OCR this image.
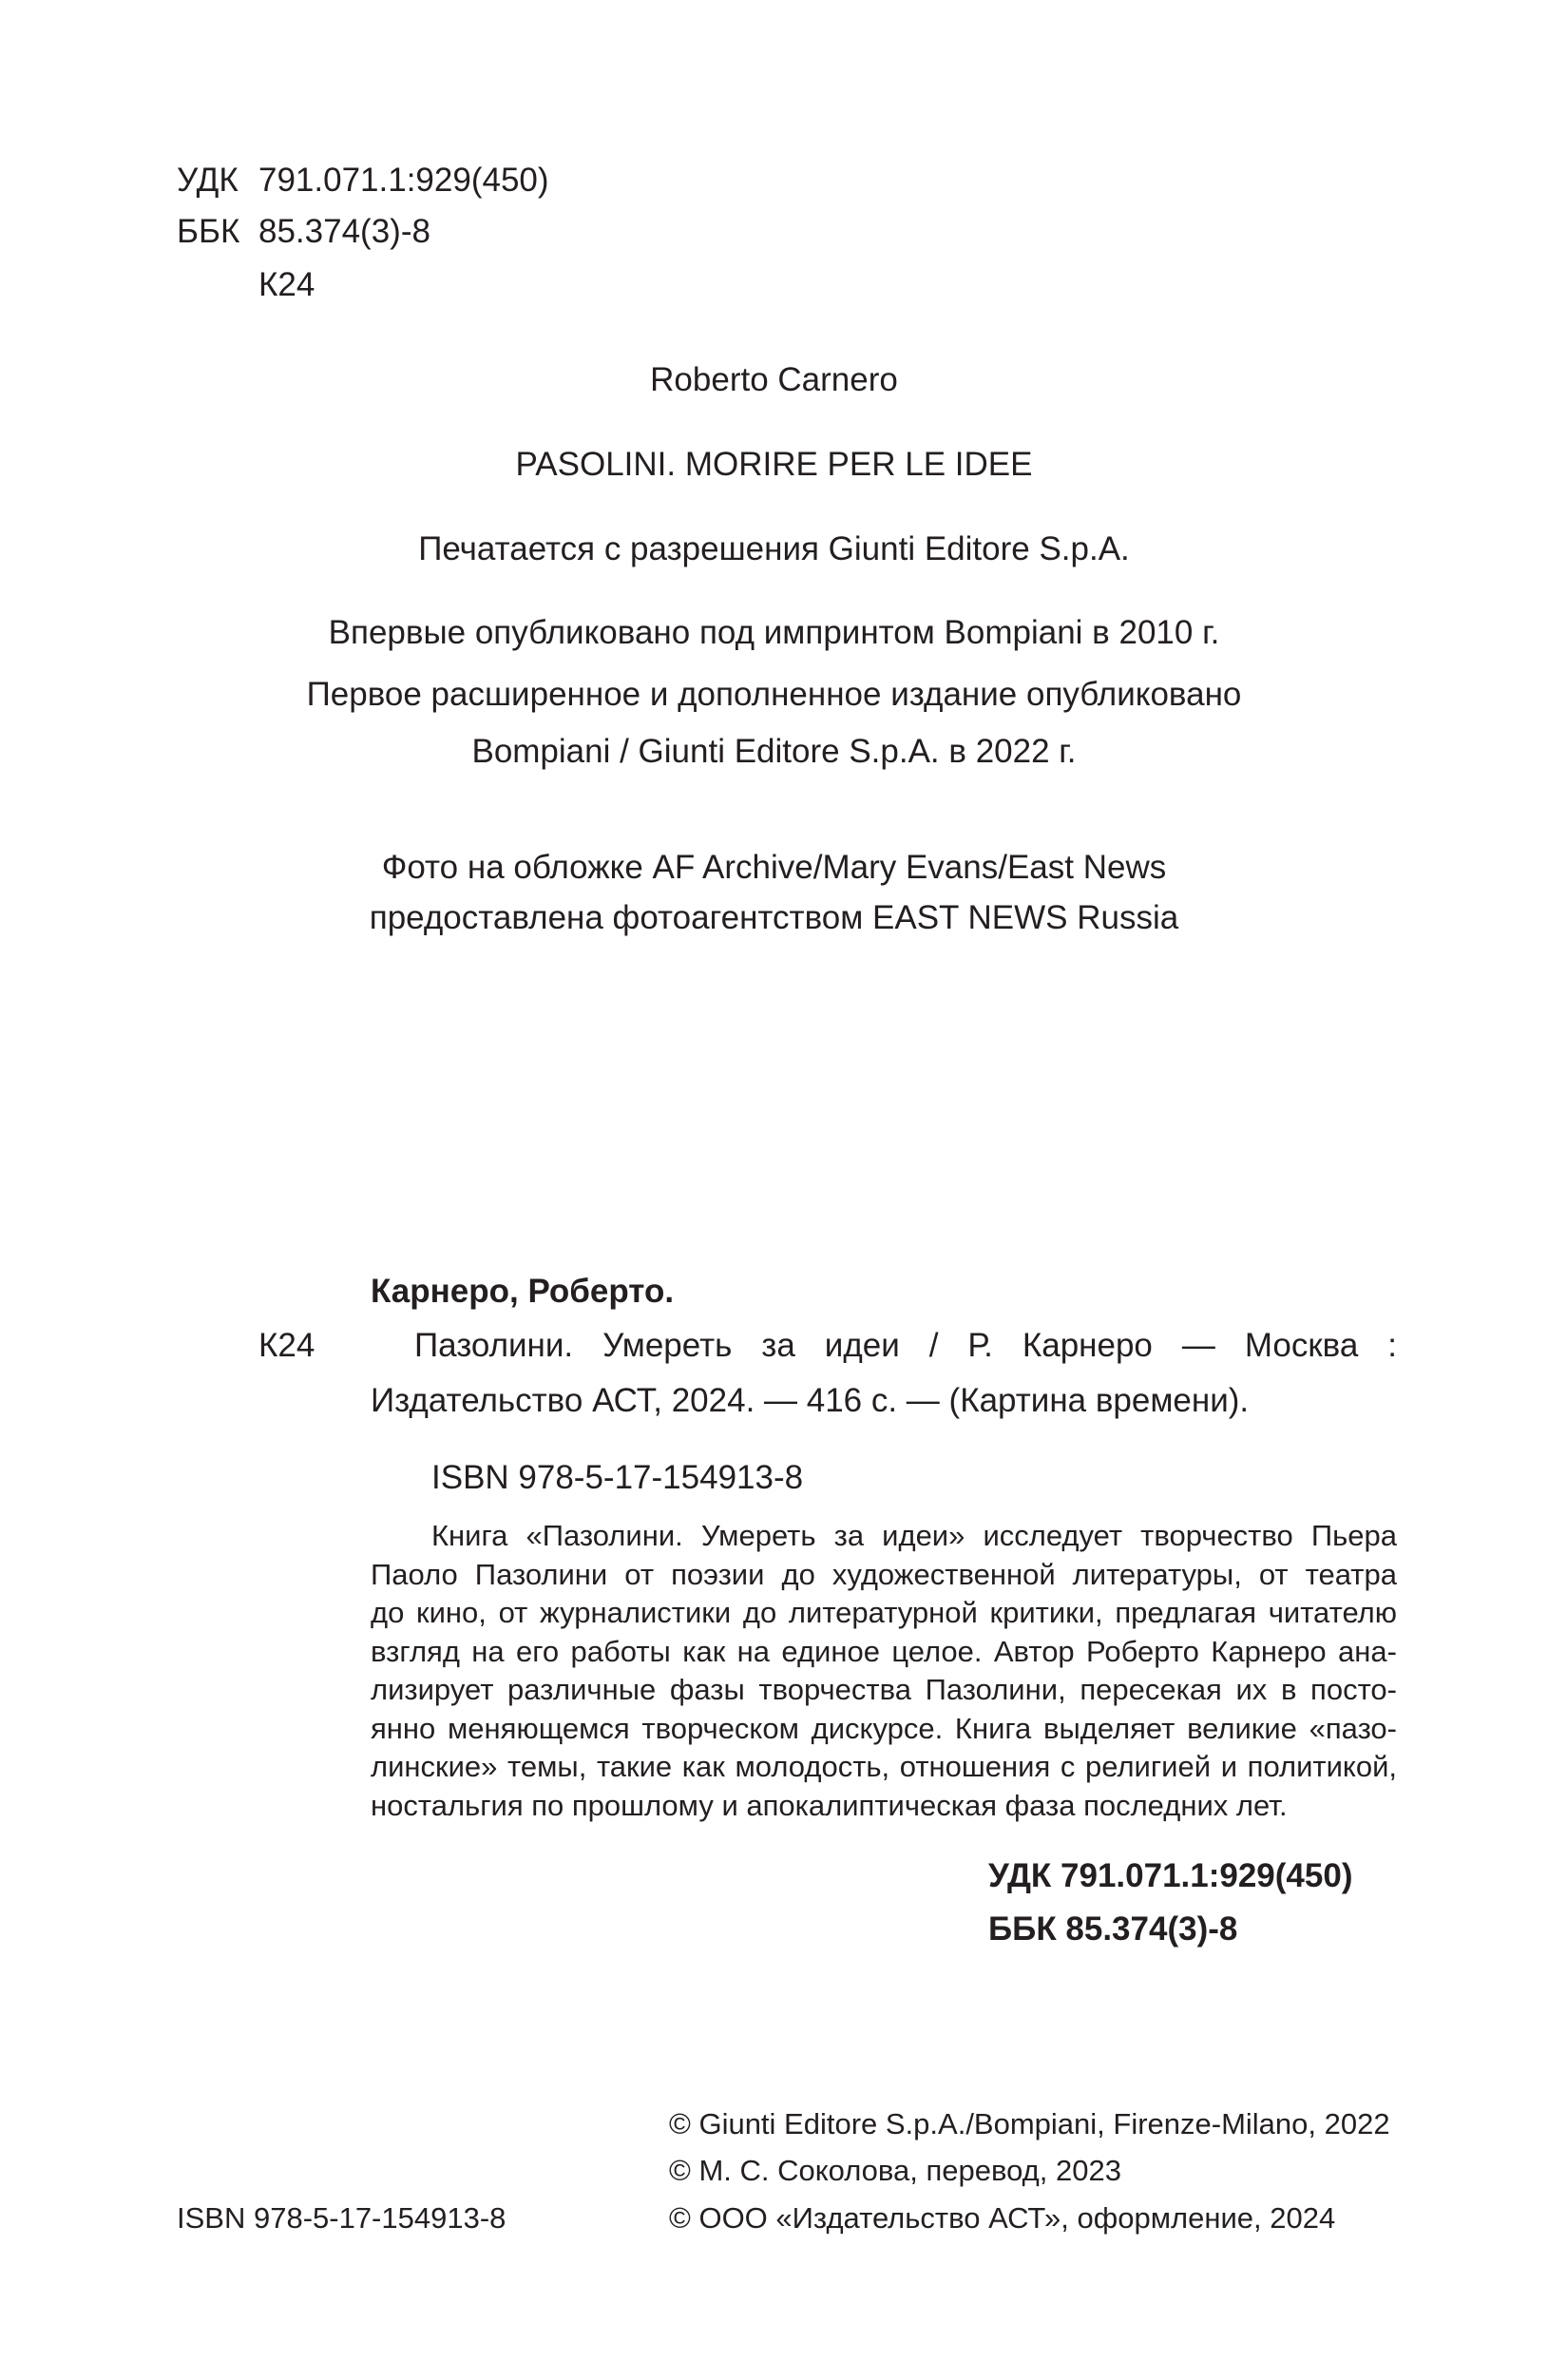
УДК 791.071.1:929(450)
ББК 85.374(3)-8
К24
Roberto Carnero
PASOLINI. MORIRE PER LE IDEE
Печатается с разрешения Giunti Editore S.p.A.
Впервые опубликовано под импринтом Bompiani в 2010 г.
Первое расширенное и дополненное издание опубликовано
Bompiani / Giunti Editore S.p.A. в 2022 г.
Фото на обложке AF Archive/Mary Evans/East News
предоставлена фотоагентством EAST NEWS Russia
Карнеро, Роберто.
К24	Пазолини. Умереть за идеи / Р. Карнеро — Москва :
Издательство АСТ, 2024. — 416 с. — (Картина времени).
ISBN 978-5-17-154913-8
Книга «Пазолини. Умереть за идеи» исследует творчество Пьера
Паоло Пазолини от поэзии до художественной литературы, от театра
до кино, от журналистики до литературной критики, предлагая читателю
взгляд на его работы как на единое целое. Автор Роберто Карнеро ана-
лизирует различные фазы творчества Пазолини, пересекая их в посто-
янно меняющемся творческом дискурсе. Книга выделяет великие «пазо-
линские» темы, такие как молодость, отношения с религией и политикой,
ностальгия по прошлому и апокалиптическая фаза последних лет.
УДК 791.071.1:929(450)
ББК 85.374(3)-8
© Giunti Editore S.p.A./Bompiani, Firenze-Milano, 2022
© М. С. Соколова, перевод, 2023
© ООО «Издательство АСТ», оформление, 2024
ISBN 978-5-17-154913-8
